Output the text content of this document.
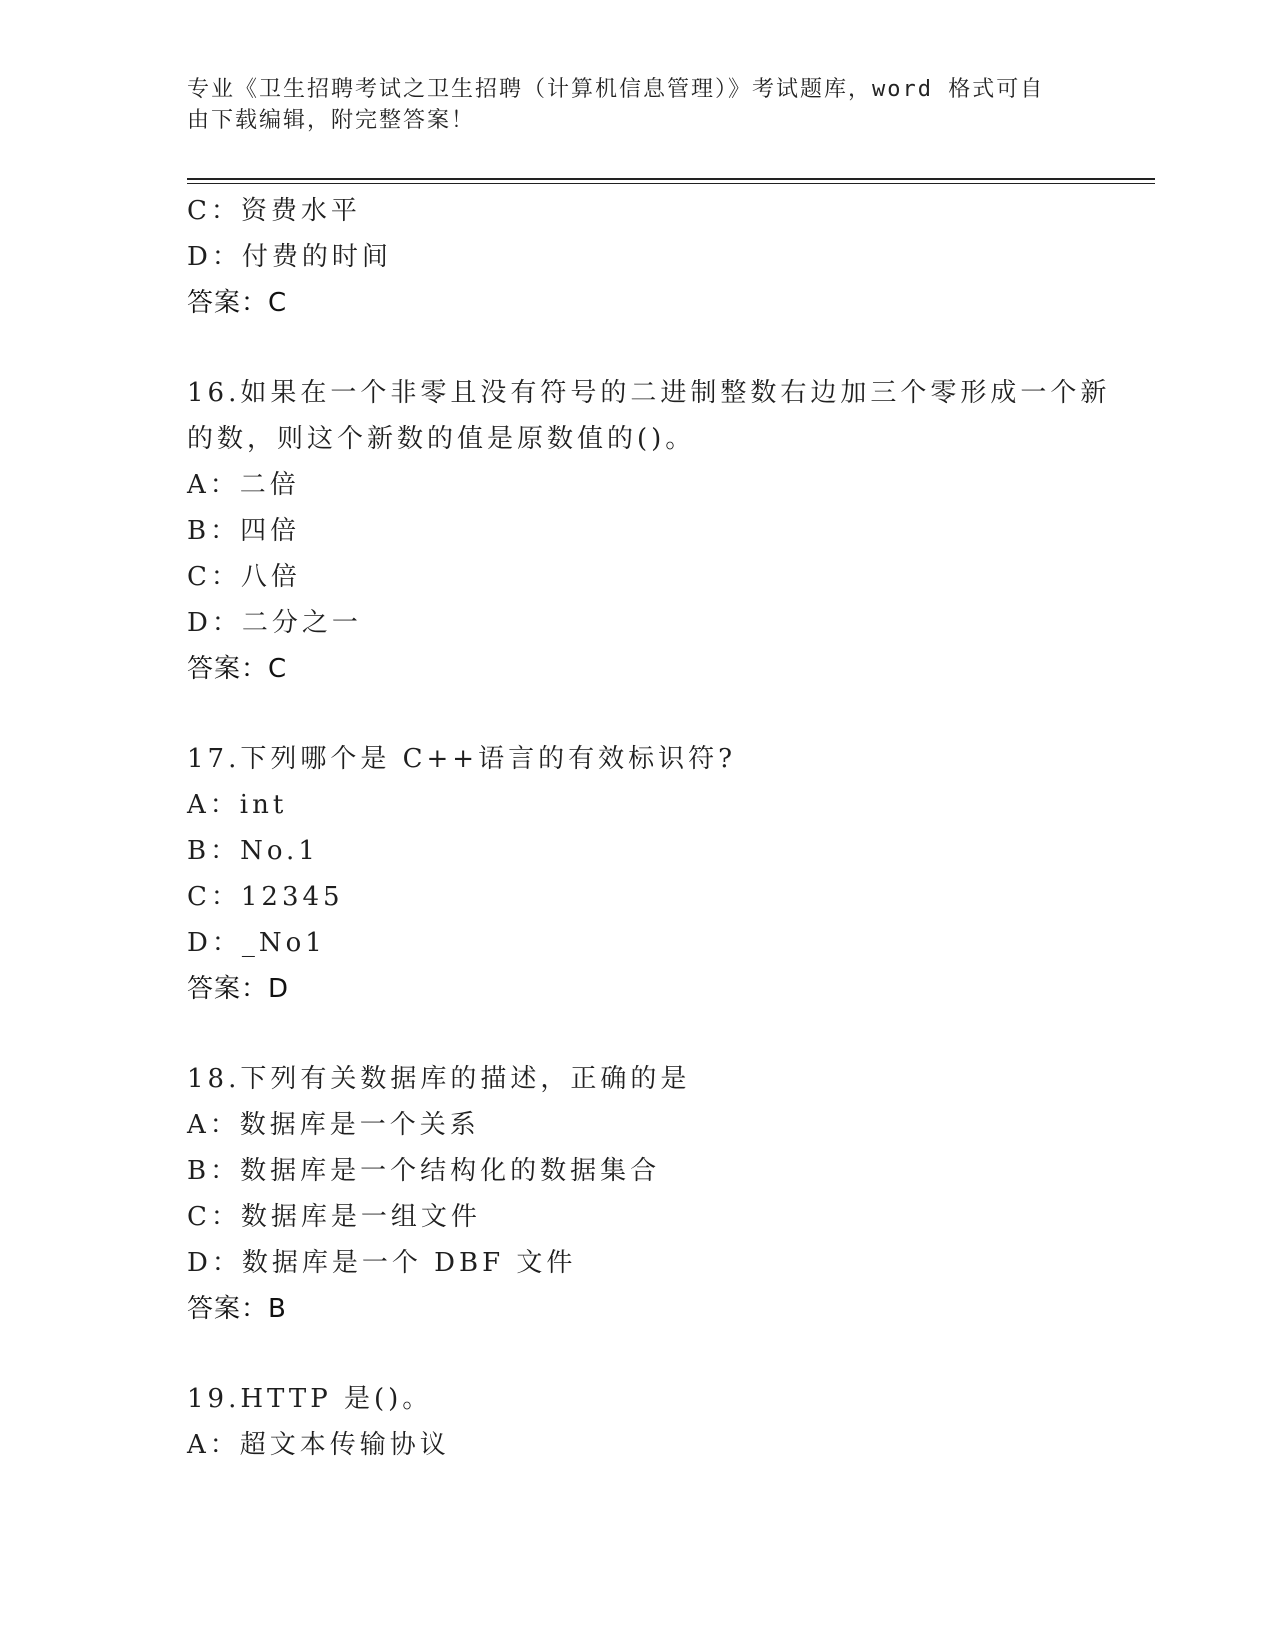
专业《卫生招聘考试之卫生招聘（计算机信息管理）》考试题库，word 格式可自
由下载编辑，附完整答案！
C：资费水平
D：付费的时间
答案：C
16.如果在一个非零且没有符号的二进制整数右边加三个零形成一个新
的数，则这个新数的值是原数值的()。
A：二倍
B：四倍
C：八倍
D：二分之一
答案：C
17.下列哪个是 C++语言的有效标识符?
A：int
B：No.1
C：12345
D：_No1
答案：D
18.下列有关数据库的描述，正确的是
A：数据库是一个关系
B：数据库是一个结构化的数据集合
C：数据库是一组文件
D：数据库是一个 DBF 文件
答案：B
19.HTTP 是()。
A：超文本传输协议
